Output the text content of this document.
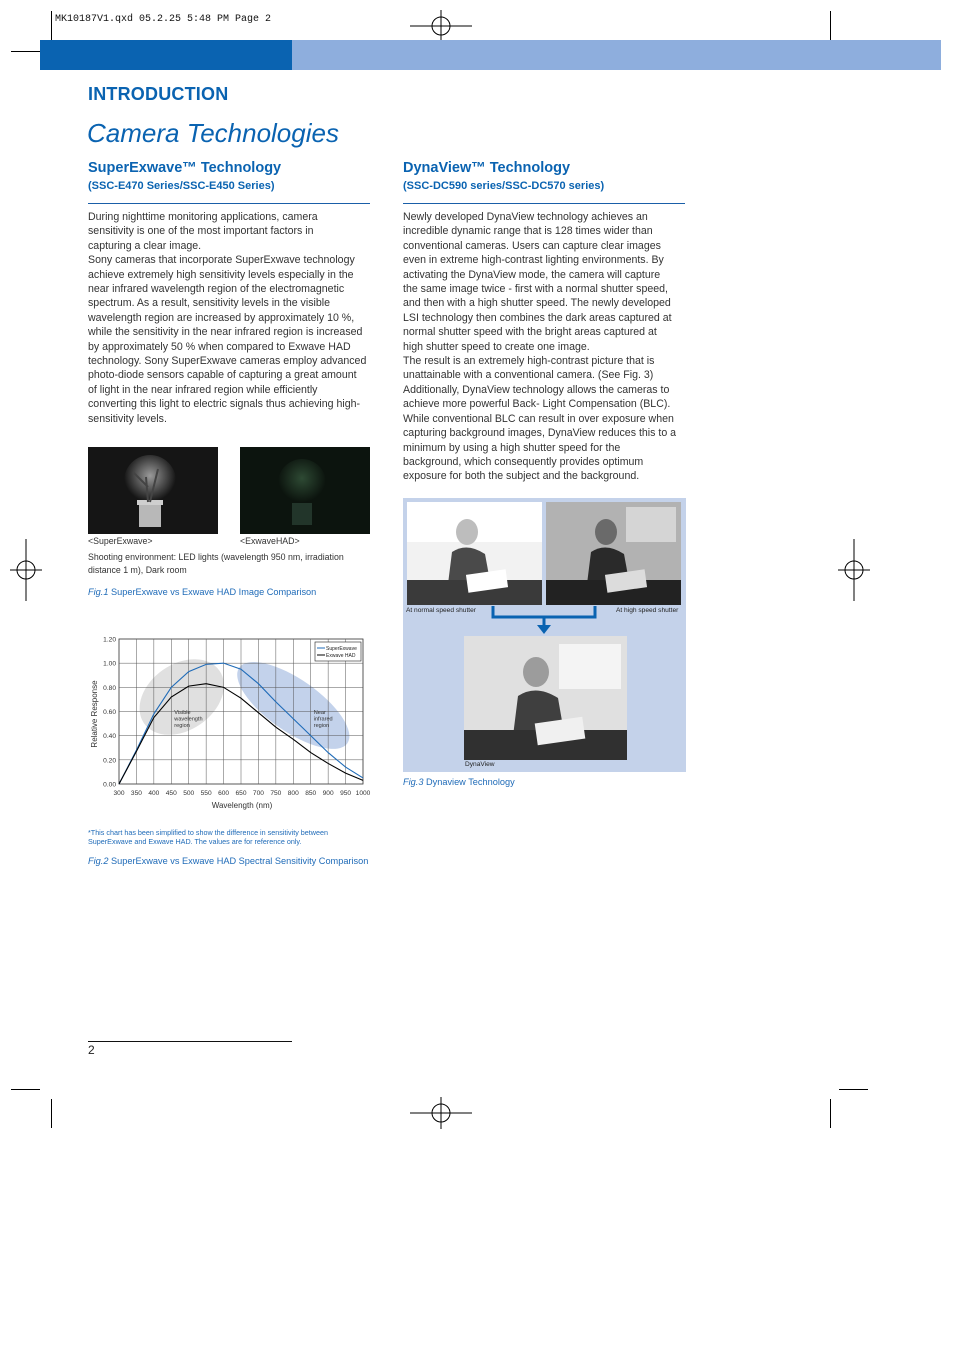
MK10187V1.qxd 05.2.25 5:48 PM Page 2
INTRODUCTION
Camera Technologies
SuperExwave™ Technology
(SSC-E470 Series/SSC-E450 Series)
During nighttime monitoring applications, camera
sensitivity is one of the most important factors in
capturing a clear image.
Sony cameras that incorporate SuperExwave technology
achieve extremely high sensitivity levels especially in the
near infrared wavelength region of the electromagnetic
spectrum. As a result, sensitivity levels in the visible
wavelength region are increased by approximately 10 %,
while the sensitivity in the near infrared region is increased
by approximately 50 % when compared to Exwave HAD
technology. Sony SuperExwave cameras employ advanced
photo-diode sensors capable of capturing a great amount
of light in the near infrared region while efficiently
converting this light to electric signals thus achieving high-
sensitivity levels.
<SuperExwave>	<ExwaveHAD>
Shooting environment: LED lights (wavelength 950 nm, irradiation
distance 1 m), Dark room
Fig.1 SuperExwave vs Exwave HAD Image Comparison
300 350 400 450 500 550 600 650 700 750 800 850 900 950 1000
0.00
0.20
0.40
0.60
0.80
1.00
1.20
SuperExwave
Exwave HAD
Visible wavelength region
Near infrared region
Wavelength (nm)
Relative Response
*This chart has been simplified to show the difference in sensitivity between
SuperExwave and Exwave HAD. The values are for reference only.
Fig.2 SuperExwave vs Exwave HAD Spectral Sensitivity Comparison
DynaView™ Technology
(SSC-DC590 series/SSC-DC570 series)
Newly developed DynaView technology achieves an
incredible dynamic range that is 128 times wider than
conventional cameras. Users can capture clear images
even in extreme high-contrast lighting environments. By
activating the DynaView mode, the camera will capture
the same image twice - first with a normal shutter speed,
and then with a high shutter speed. The newly developed
LSI technology then combines the dark areas captured at
normal shutter speed with the bright areas captured at
high shutter speed to create one image.
The result is an extremely high-contrast picture that is
unattainable with a conventional camera. (See Fig. 3)
Additionally, DynaView technology allows the cameras to
achieve more powerful Back- Light Compensation (BLC).
While conventional BLC can result in over exposure when
capturing background images, DynaView reduces this to a
minimum by using a high shutter speed for the
background, which consequently provides optimum
exposure for both the subject and the background.
At normal speed shutter	At high speed shutter
DynaView
Fig.3 Dynaview Technology
2
